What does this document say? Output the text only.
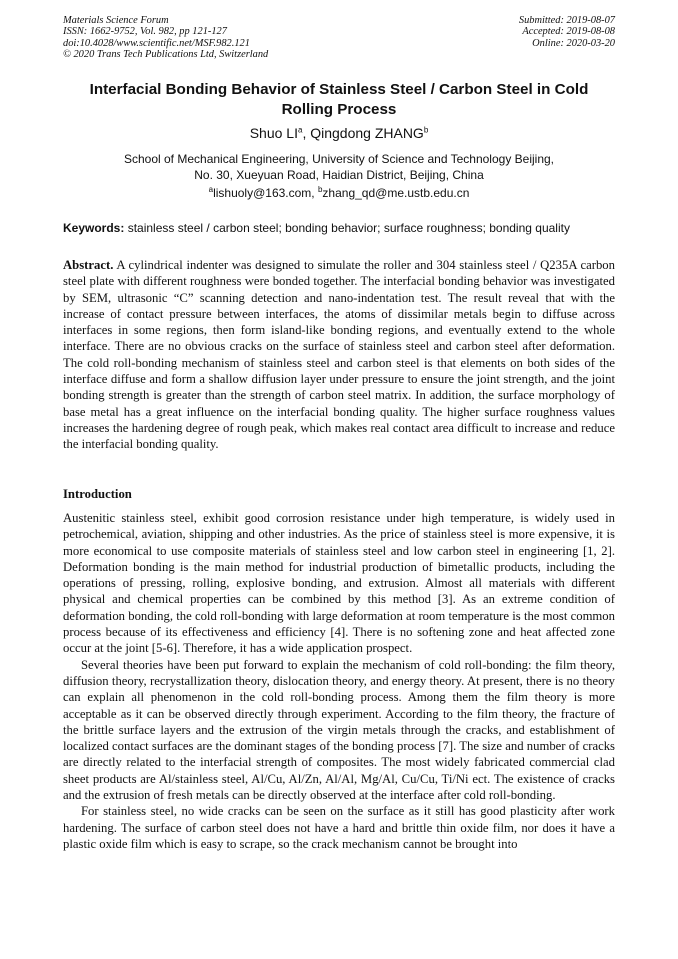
Materials Science Forum
ISSN: 1662-9752, Vol. 982, pp 121-127
doi:10.4028/www.scientific.net/MSF.982.121
© 2020 Trans Tech Publications Ltd, Switzerland
Submitted: 2019-08-07
Accepted: 2019-08-08
Online: 2020-03-20
Interfacial Bonding Behavior of Stainless Steel / Carbon Steel in Cold Rolling Process
Shuo $LI^a$, Qingdong ZHANG$^b$
School of Mechanical Engineering, University of Science and Technology Beijing,
No. 30, Xueyuan Road, Haidian District, Beijing, China
$^a$lishuoly@163.com, $^b$zhang_qd@me.ustb.edu.cn
Keywords: stainless steel / carbon steel; bonding behavior; surface roughness; bonding quality
Abstract. A cylindrical indenter was designed to simulate the roller and 304 stainless steel / Q235A carbon steel plate with different roughness were bonded together. The interfacial bonding behavior was investigated by SEM, ultrasonic “C” scanning detection and nano-indentation test. The result reveal that with the increase of contact pressure between interfaces, the atoms of dissimilar metals begin to diffuse across interfaces in some regions, then form island-like bonding regions, and eventually extend to the whole interface. There are no obvious cracks on the surface of stainless steel and carbon steel after deformation. The cold roll-bonding mechanism of stainless steel and carbon steel is that elements on both sides of the interface diffuse and form a shallow diffusion layer under pressure to ensure the joint strength, and the joint bonding strength is greater than the strength of carbon steel matrix. In addition, the surface morphology of base metal has a great influence on the interfacial bonding quality. The higher surface roughness values increases the hardening degree of rough peak, which makes real contact area difficult to increase and reduce the interfacial bonding quality.
Introduction

Austenitic stainless steel, exhibit good corrosion resistance under high temperature, is widely used in petrochemical, aviation, shipping and other industries. As the price of stainless steel is more expensive, it is more economical to use composite materials of stainless steel and low carbon steel in engineering [1, 2]. Deformation bonding is the main method for industrial production of bimetallic products, including the operations of pressing, rolling, explosive bonding, and extrusion. Almost all materials with different physical and chemical properties can be combined by this method [3]. As an extreme condition of deformation bonding, the cold roll-bonding with large deformation at room temperature is the most common process because of its effectiveness and efficiency [4]. There is no softening zone and heat affected zone occur at the joint [5-6]. Therefore, it has a wide application prospect.

Several theories have been put forward to explain the mechanism of cold roll-bonding: the film theory, diffusion theory, recrystallization theory, dislocation theory, and energy theory. At present, there is no theory can explain all phenomenon in the cold roll-bonding process. Among them the film theory is more acceptable as it can be observed directly through experiment. According to the film theory, the fracture of the brittle surface layers and the extrusion of the virgin metals through the cracks, and establishment of localized contact surfaces are the dominant stages of the bonding process [7]. The size and number of cracks are directly related to the interfacial strength of composites. The most widely fabricated commercial clad sheet products are Al/stainless steel, Al/Cu, Al/Zn, Al/Al, Mg/Al, Cu/Cu, Ti/Ni ect. The existence of cracks and the extrusion of fresh metals can be directly observed at the interface after cold roll-bonding.

For stainless steel, no wide cracks can be seen on the surface as it still has good plasticity after work hardening. The surface of carbon steel does not have a hard and brittle thin oxide film, nor does it have a plastic oxide film which is easy to scrape, so the crack mechanism cannot be brought into
